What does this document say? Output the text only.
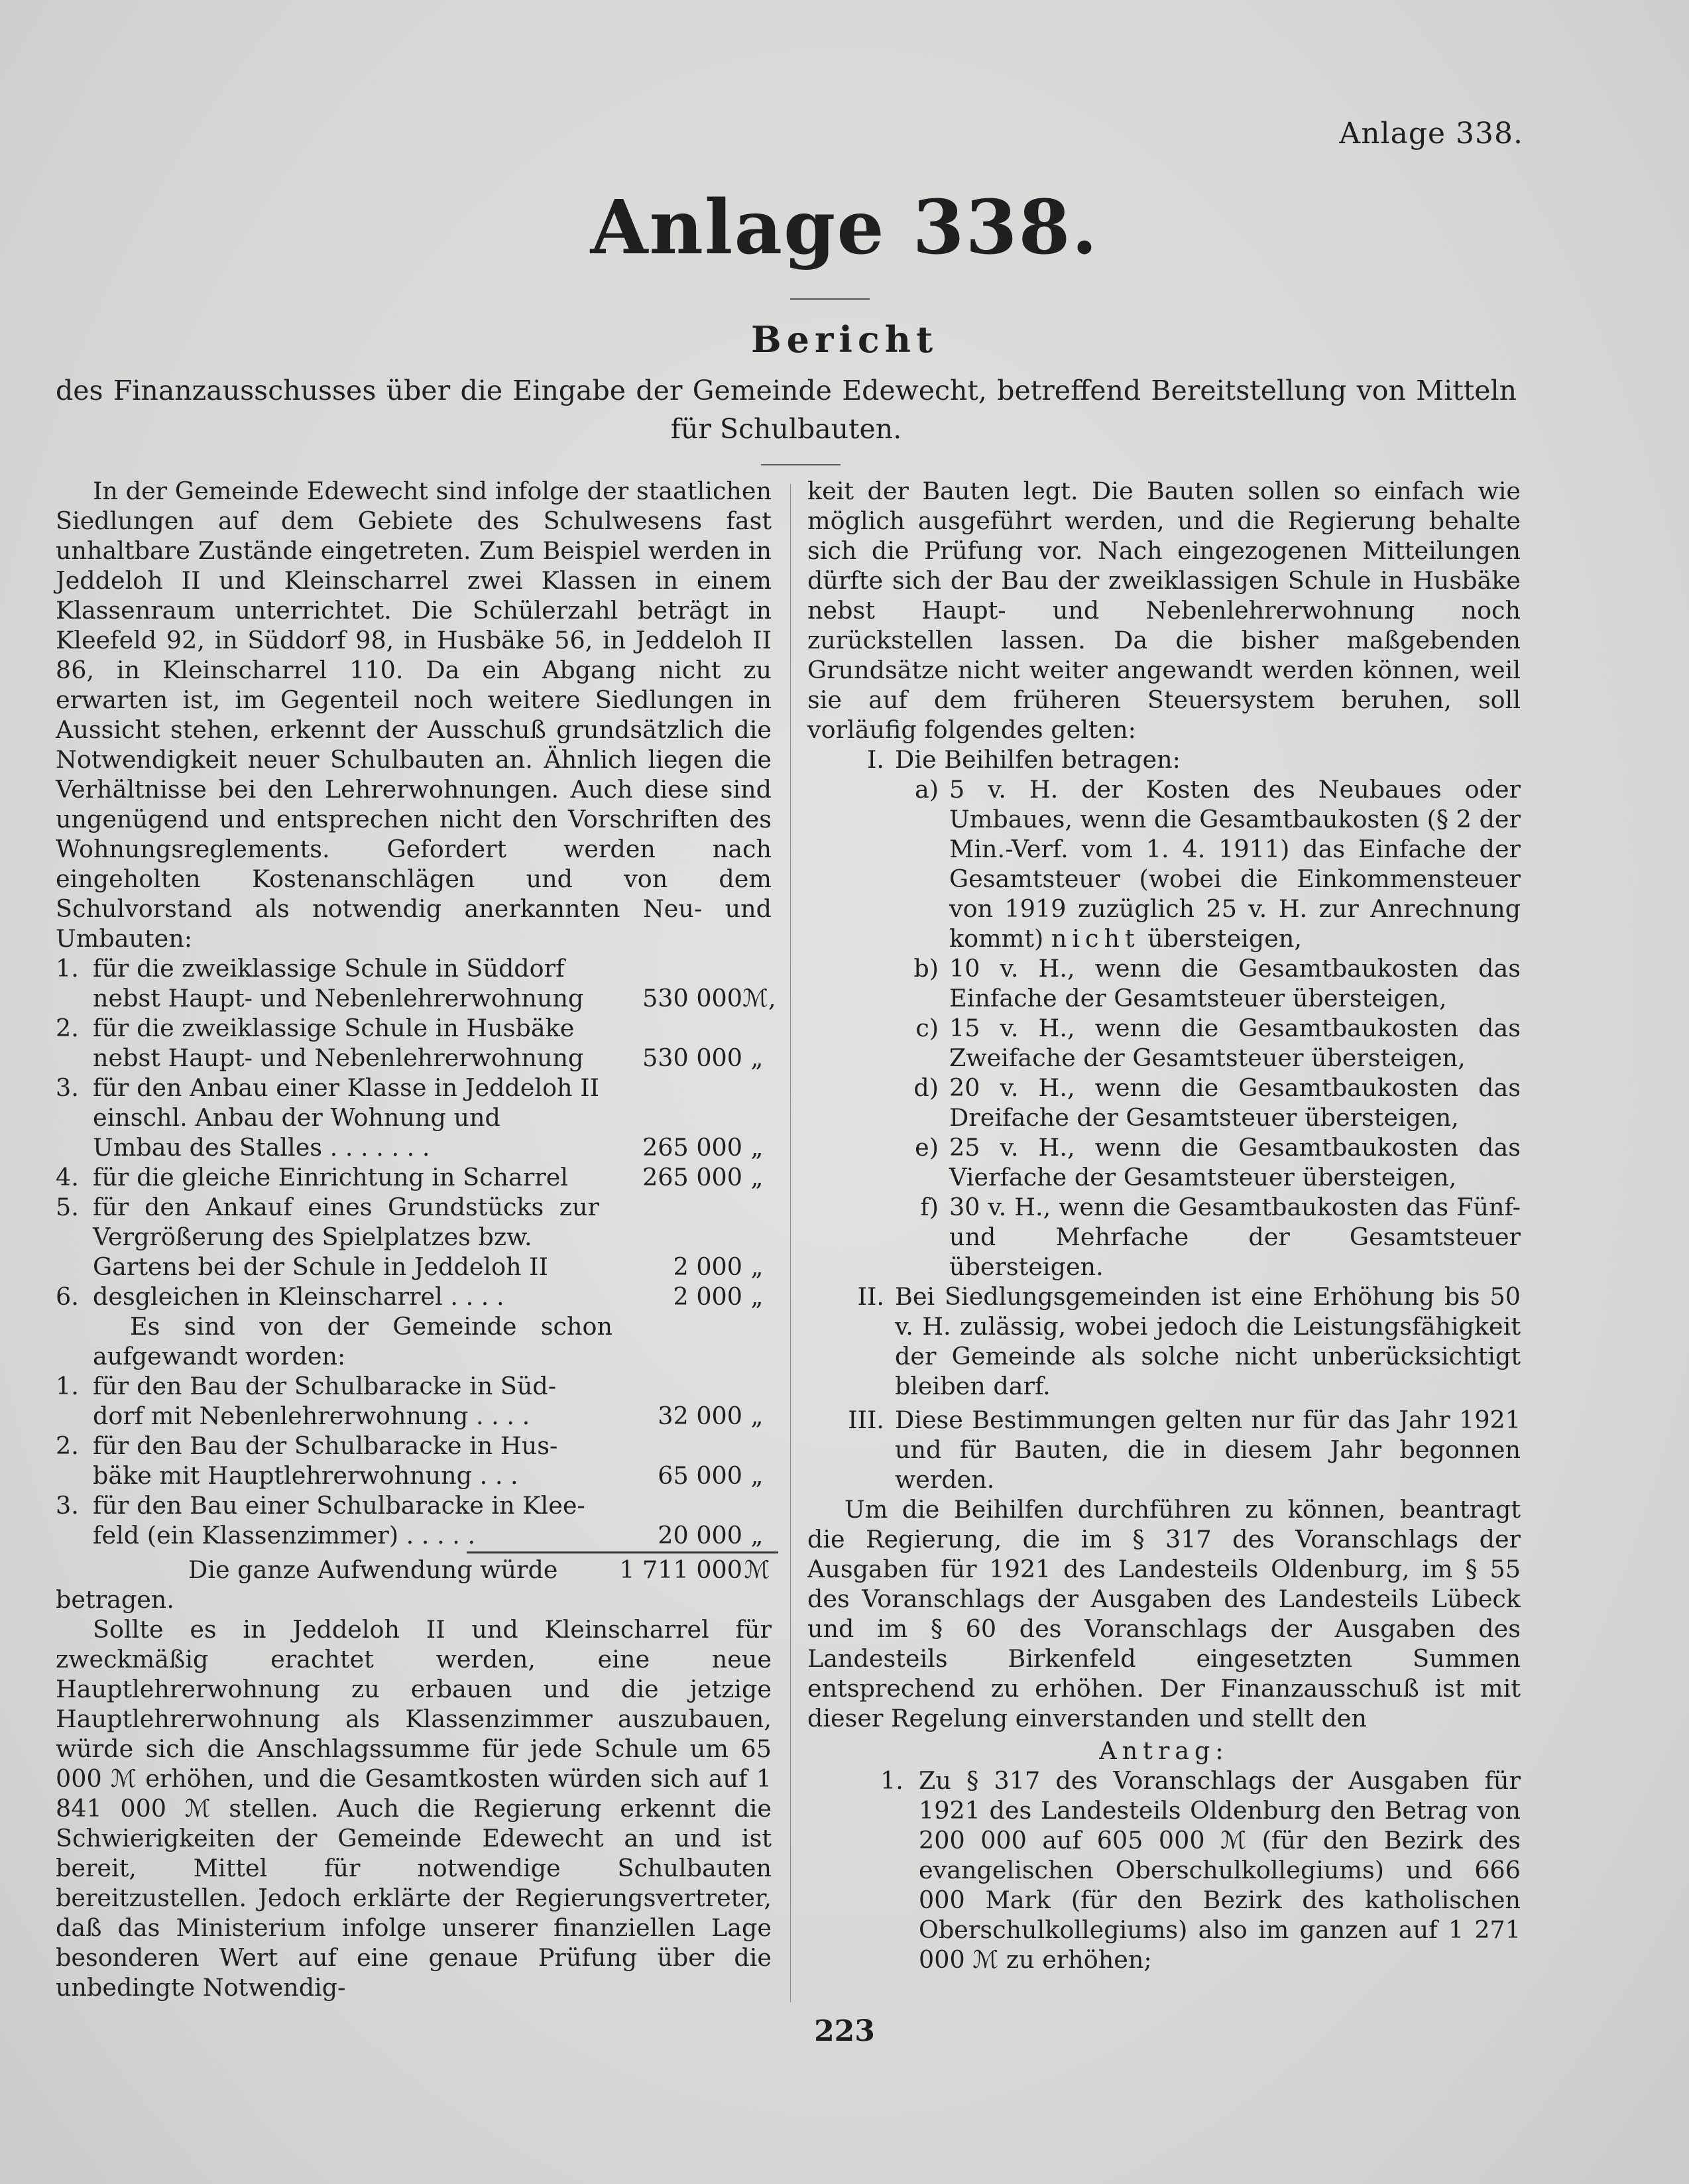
Anlage 338.
Anlage 338.
Bericht
des Finanzausschusses über die Eingabe der Gemeinde Edewecht, betreffend Bereitstellung von Mitteln für Schulbauten.

In der Gemeinde Edewecht sind infolge der staatlichen Siedlungen auf dem Gebiete des Schulwesens fast unhaltbare Zustände eingetreten. Zum Beispiel werden in Jeddeloh II und Kleinscharrel zwei Klassen in einem Klassenraum unterrichtet. Die Schülerzahl beträgt in Kleefeld 92, in Süddorf 98, in Husbäke 56, in Jeddeloh II 86, in Kleinscharrel 110. Da ein Abgang nicht zu erwarten ist, im Gegenteil noch weitere Siedlungen in Aussicht stehen, erkennt der Ausschuß grundsätzlich die Notwendigkeit neuer Schulbauten an. Ähnlich liegen die Verhältnisse bei den Lehrerwohnungen. Auch diese sind ungenügend und entsprechen nicht den Vorschriften des Wohnungsreglements. Gefordert werden nach eingeholten Kostenanschlägen und von dem Schulvorstand als notwendig anerkannten Neu- und Umbauten:

1. für die zweiklassige Schule in Süddorf
nebst Haupt- und Nebenlehrerwohnung	530 000 ℳ,
2. für die zweiklassige Schule in Husbäke
nebst Haupt- und Nebenlehrerwohnung	530 000 „
3. für den Anbau einer Klasse in Jeddeloh II einschl. Anbau der Wohnung und
Umbau des Stalles . . . . . . .	265 000 „
4. für die gleiche Einrichtung in Scharrel	265 000 „
5. für den Ankauf eines Grundstücks zur Vergrößerung des Spielplatzes bzw.
Gartens bei der Schule in Jeddeloh II	2 000 „
6. desgleichen in Kleinscharrel . . . .	2 000 „

Es sind von der Gemeinde schon aufgewandt worden:

1. für den Bau der Schulbaracke in Süd-
dorf mit Nebenlehrerwohnung . . . .	32 000 „
2. für den Bau der Schulbaracke in Hus-
bäke mit Hauptlehrerwohnung . . .	65 000 „
3. für den Bau einer Schulbaracke in Klee-
feld (ein Klassenzimmer) . . . . .	20 000 „
Die ganze Aufwendung würde	1 711 000 ℳ

betragen.

Sollte es in Jeddeloh II und Kleinscharrel für zweckmäßig erachtet werden, eine neue Hauptlehrerwohnung zu erbauen und die jetzige Hauptlehrerwohnung als Klassenzimmer auszubauen, würde sich die Anschlagssumme für jede Schule um 65 000 ℳ erhöhen, und die Gesamtkosten würden sich auf 1 841 000 ℳ stellen. Auch die Regierung erkennt die Schwierigkeiten der Gemeinde Edewecht an und ist bereit, Mittel für notwendige Schulbauten bereitzustellen. Jedoch erklärte der Regierungsvertreter, daß das Ministerium infolge unserer finanziellen Lage besonderen Wert auf eine genaue Prüfung über die unbedingte Notwendig-

keit der Bauten legt. Die Bauten sollen so einfach wie möglich ausgeführt werden, und die Regierung behalte sich die Prüfung vor. Nach eingezogenen Mitteilungen dürfte sich der Bau der zweiklassigen Schule in Husbäke nebst Haupt- und Nebenlehrerwohnung noch zurückstellen lassen. Da die bisher maßgebenden Grundsätze nicht weiter angewandt werden können, weil sie auf dem früheren Steuersystem beruhen, soll vorläufig folgendes gelten:

I. Die Beihilfen betragen:
a) 5 v. H. der Kosten des Neubaues oder Umbaues, wenn die Gesamtbaukosten (§ 2 der Min.-Verf. vom 1. 4. 1911) das Einfache der Gesamtsteuer (wobei die Einkommensteuer von 1919 zuzüglich 25 v. H. zur Anrechnung kommt) nicht übersteigen,
b) 10 v. H., wenn die Gesamtbaukosten das Einfache der Gesamtsteuer übersteigen,
c) 15 v. H., wenn die Gesamtbaukosten das Zweifache der Gesamtsteuer übersteigen,
d) 20 v. H., wenn die Gesamtbaukosten das Dreifache der Gesamtsteuer übersteigen,
e) 25 v. H., wenn die Gesamtbaukosten das Vierfache der Gesamtsteuer übersteigen,
f) 30 v. H., wenn die Gesamtbaukosten das Fünf- und Mehrfache der Gesamtsteuer übersteigen.
II. Bei Siedlungsgemeinden ist eine Erhöhung bis 50 v. H. zulässig, wobei jedoch die Leistungsfähigkeit der Gemeinde als solche nicht unberücksichtigt bleiben darf.
III. Diese Bestimmungen gelten nur für das Jahr 1921 und für Bauten, die in diesem Jahr begonnen werden.

Um die Beihilfen durchführen zu können, beantragt die Regierung, die im § 317 des Voranschlags der Ausgaben für 1921 des Landesteils Oldenburg, im § 55 des Voranschlags der Ausgaben des Landesteils Lübeck und im § 60 des Voranschlags der Ausgaben des Landesteils Birkenfeld eingesetzten Summen entsprechend zu erhöhen. Der Finanzausschuß ist mit dieser Regelung einverstanden und stellt den

Antrag:
1. Zu § 317 des Voranschlags der Ausgaben für 1921 des Landesteils Oldenburg den Betrag von 200 000 auf 605 000 ℳ (für den Bezirk des evangelischen Oberschulkollegiums) und 666 000 Mark (für den Bezirk des katholischen Oberschulkollegiums) also im ganzen auf 1 271 000 ℳ zu erhöhen;
223
